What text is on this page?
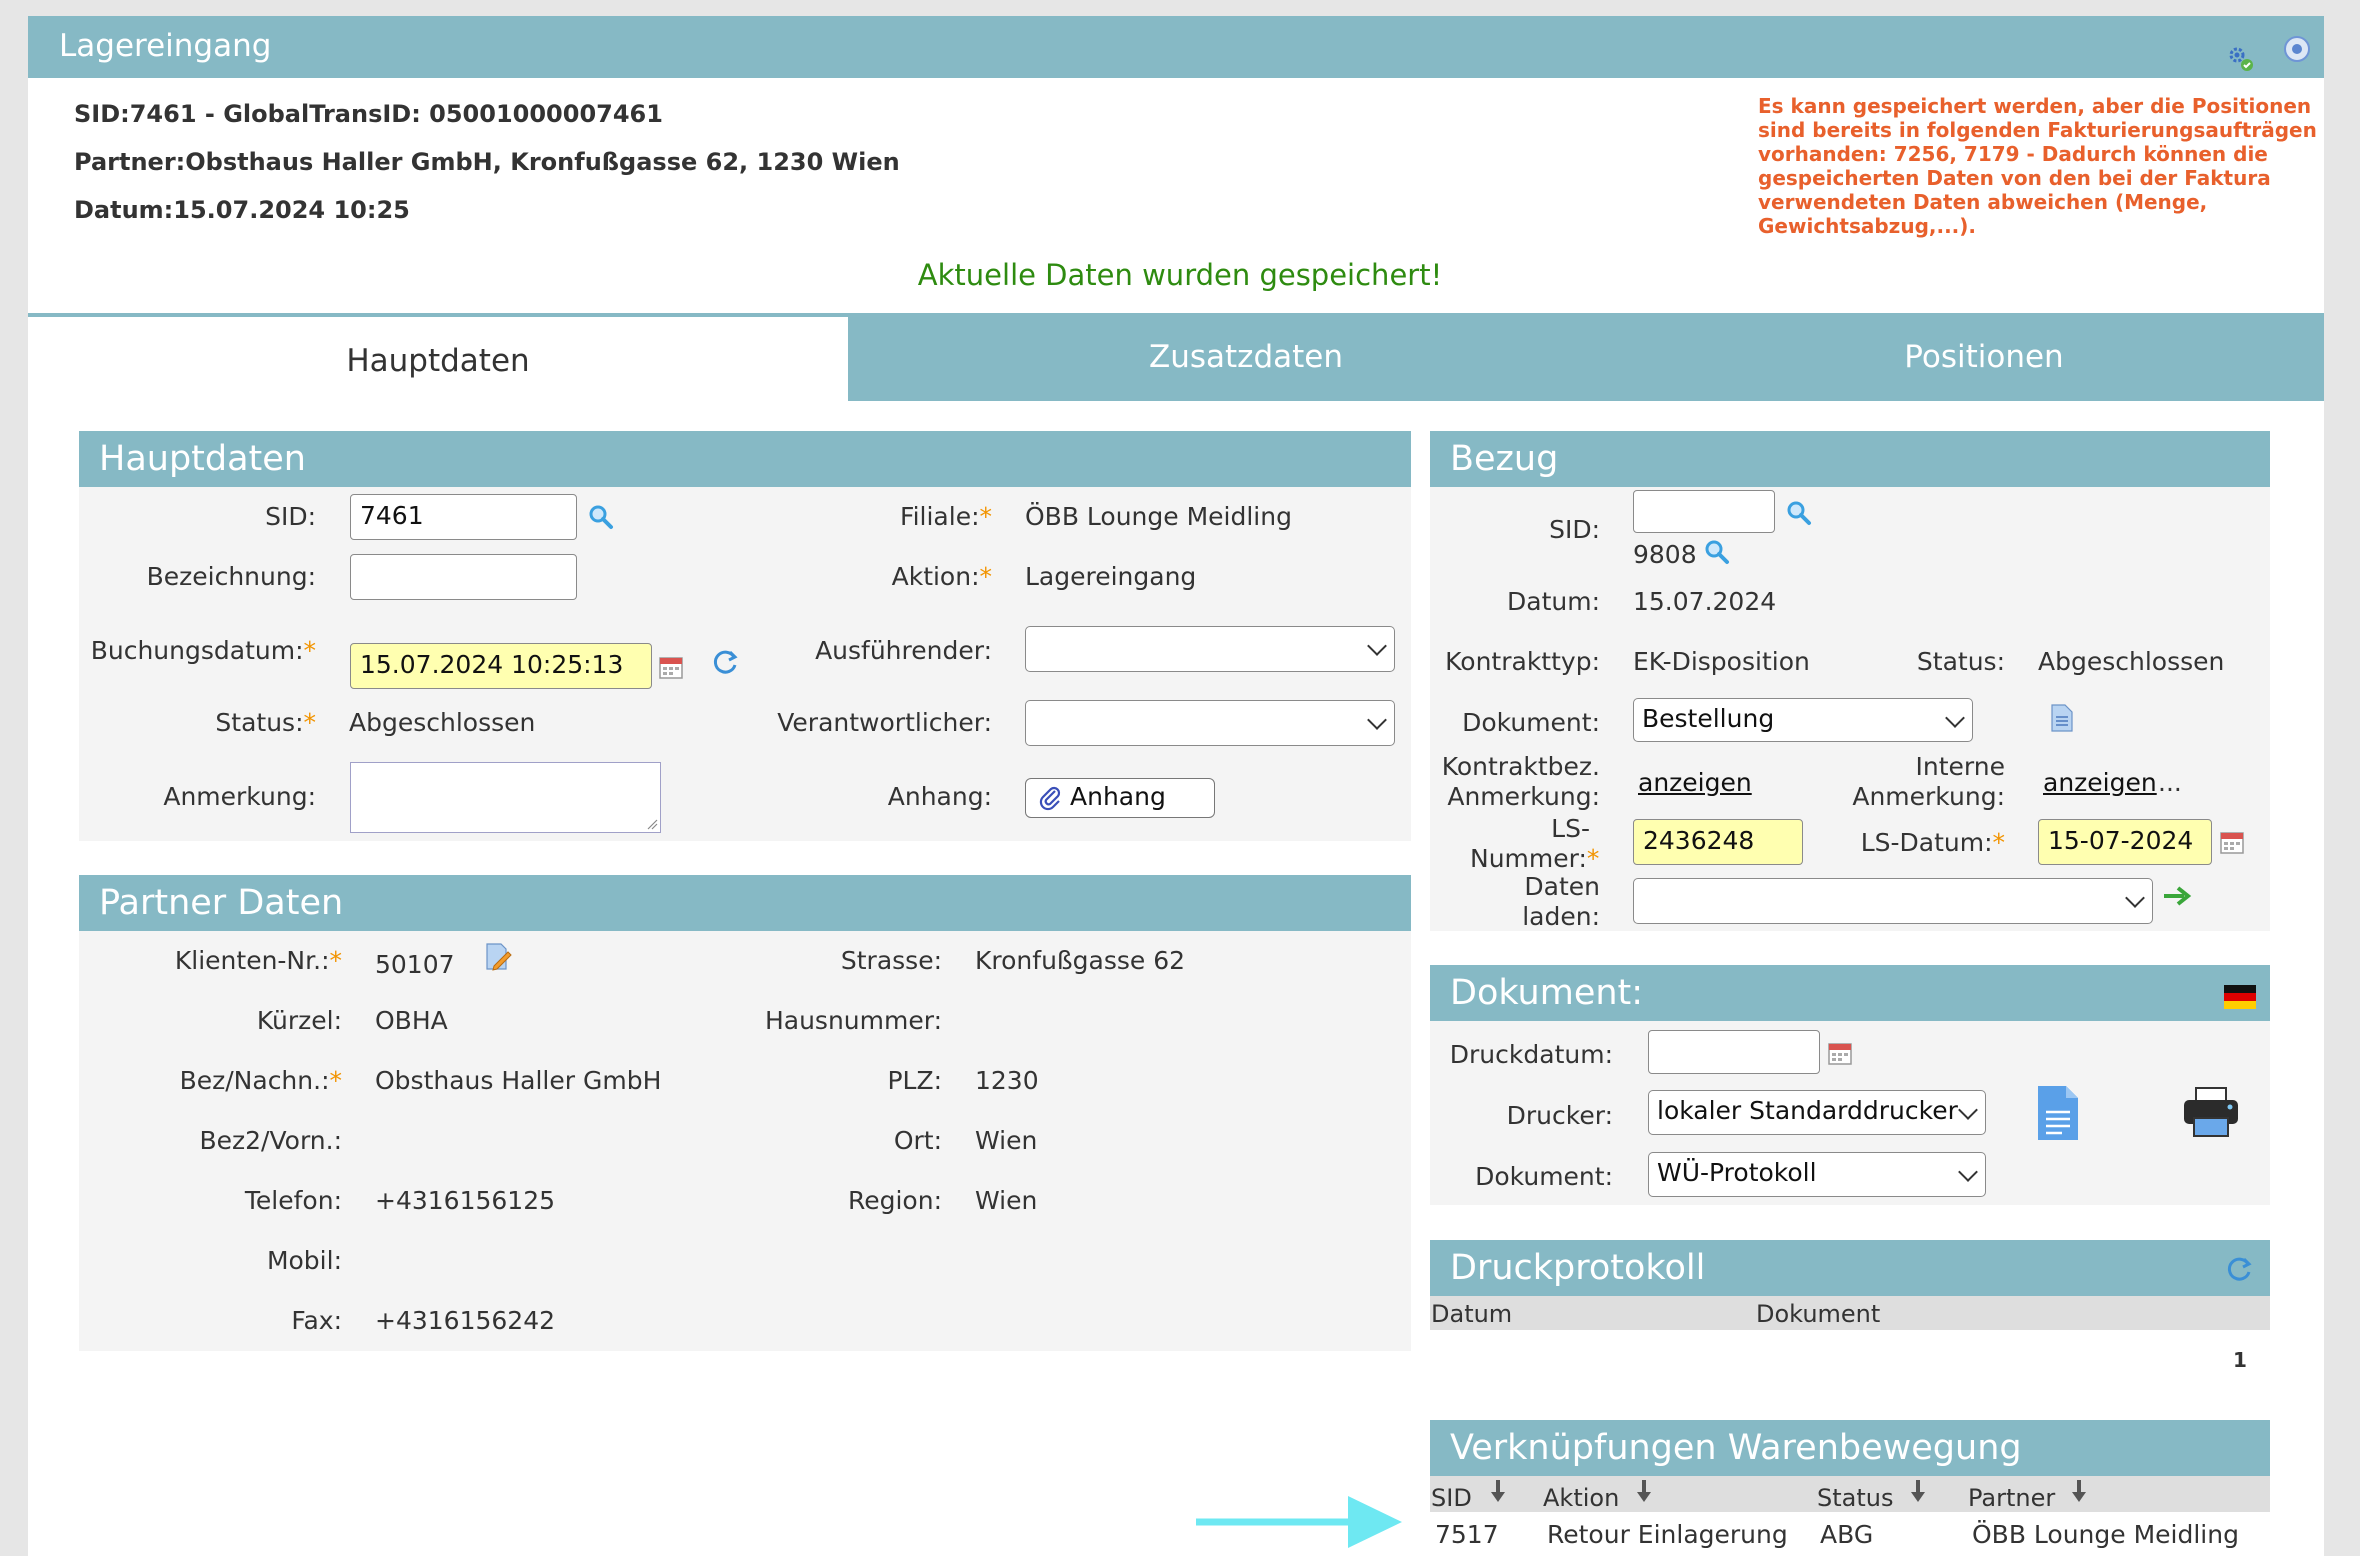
Lagereingang
SID:7461 - GlobalTransID: 05001000007461
Partner:Obsthaus Haller GmbH, Kronfußgasse 62, 1230 Wien
Datum:15.07.2024 10:25
Es kann gespeichert werden, aber die Positionen sind bereits in folgenden Fakturierungsaufträgen vorhanden: 7256, 7179 - Dadurch können die gespeicherten Daten von den bei der Faktura verwendeten Daten abweichen (Menge, Gewichtsabzug,...).
Aktuelle Daten wurden gespeichert!
Hauptdaten	Zusatzdaten	Positionen
Hauptdaten
SID:	7461
Bezeichnung:
Buchungsdatum:*	15.07.2024 10:25:13
Status:* Abgeschlossen
Anmerkung:
Filiale:* ÖBB Lounge Meidling
Aktion:* Lagereingang
Ausführender:
Verantwortlicher:
Anhang:	Anhang
Partner Daten
Klienten-Nr.:* 50107
Kürzel: OBHA
Bez/Nachn.:* Obsthaus Haller GmbH
Bez2/Vorn.:
Telefon: +4316156125
Mobil:
Fax: +4316156242
Strasse: Kronfußgasse 62
Hausnummer:
PLZ: 1230
Ort: Wien
Region: Wien
Bezug
SID:
9808
Datum: 15.07.2024
Kontrakttyp: EK-Disposition	Status: Abgeschlossen
Dokument:	Bestellung
Kontraktbez. Anmerkung: anzeigen
Interne Anmerkung: anzeigen ...
LS-Nummer:*
2436248	LS-Datum:*	15-07-2024
Daten laden:
Dokument:
Druckdatum:
Drucker:	lokaler Standarddrucker
Dokument:	WÜ-Protokoll
Druckprotokoll
Datum	Dokument
1
Verknüpfungen Warenbewegung
SID	Aktion	Status	Partner
7517 Retour Einlagerung ABG	ÖBB Lounge Meidling
